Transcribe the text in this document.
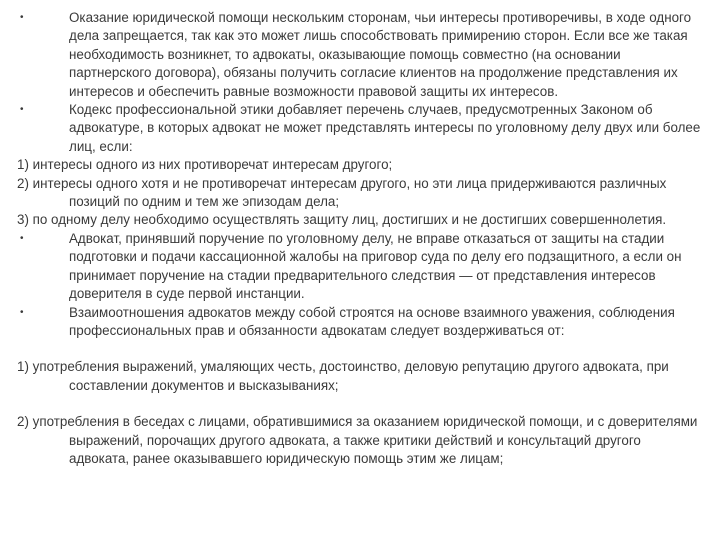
•	Оказание юридической помощи нескольким сторонам, чьи интересы противоречивы, в ходе одного дела запрещается, так как это может лишь способствовать примирению сторон. Если все же такая необходимость возникнет, то адвокаты, оказывающие помощь совместно (на основании партнерского договора), обязаны получить согласие клиентов на продолжение представления их интересов и обеспечить равные возможности правовой защиты их интересов.
•	Кодекс профессиональной этики добавляет перечень случаев, предусмотренных Законом об адвокатуре, в которых адвокат не может представлять интересы по уголовному делу двух или более лиц, если:
1) интересы одного из них противоречат интересам другого;
2) интересы одного хотя и не противоречат интересам другого, но эти лица придерживаются различных позиций по одним и тем же эпизодам дела;
3) по одному делу необходимо осуществлять защиту лиц, достигших и не достигших совершеннолетия.
•	Адвокат, принявший поручение по уголовному делу, не вправе отказаться от защиты на стадии подготовки и подачи кассационной жалобы на приговор суда по делу его подзащитного, а если он принимает поручение на стадии предварительного следствия — от представления интересов доверителя в суде первой инстанции.
•	Взаимоотношения адвокатов между собой строятся на основе взаимного уважения, соблюдения профессиональных прав и обязанности адвокатам следует воздерживаться от:
1) употребления выражений, умаляющих честь, достоинство, деловую репутацию другого адвоката, при составлении документов и высказываниях;
2) употребления в беседах с лицами, обратившимися за оказанием юридической помощи, и с доверителями выражений, порочащих другого адвоката, а также критики действий и консультаций другого адвоката, ранее оказывавшего юридическую помощь этим же лицам;
